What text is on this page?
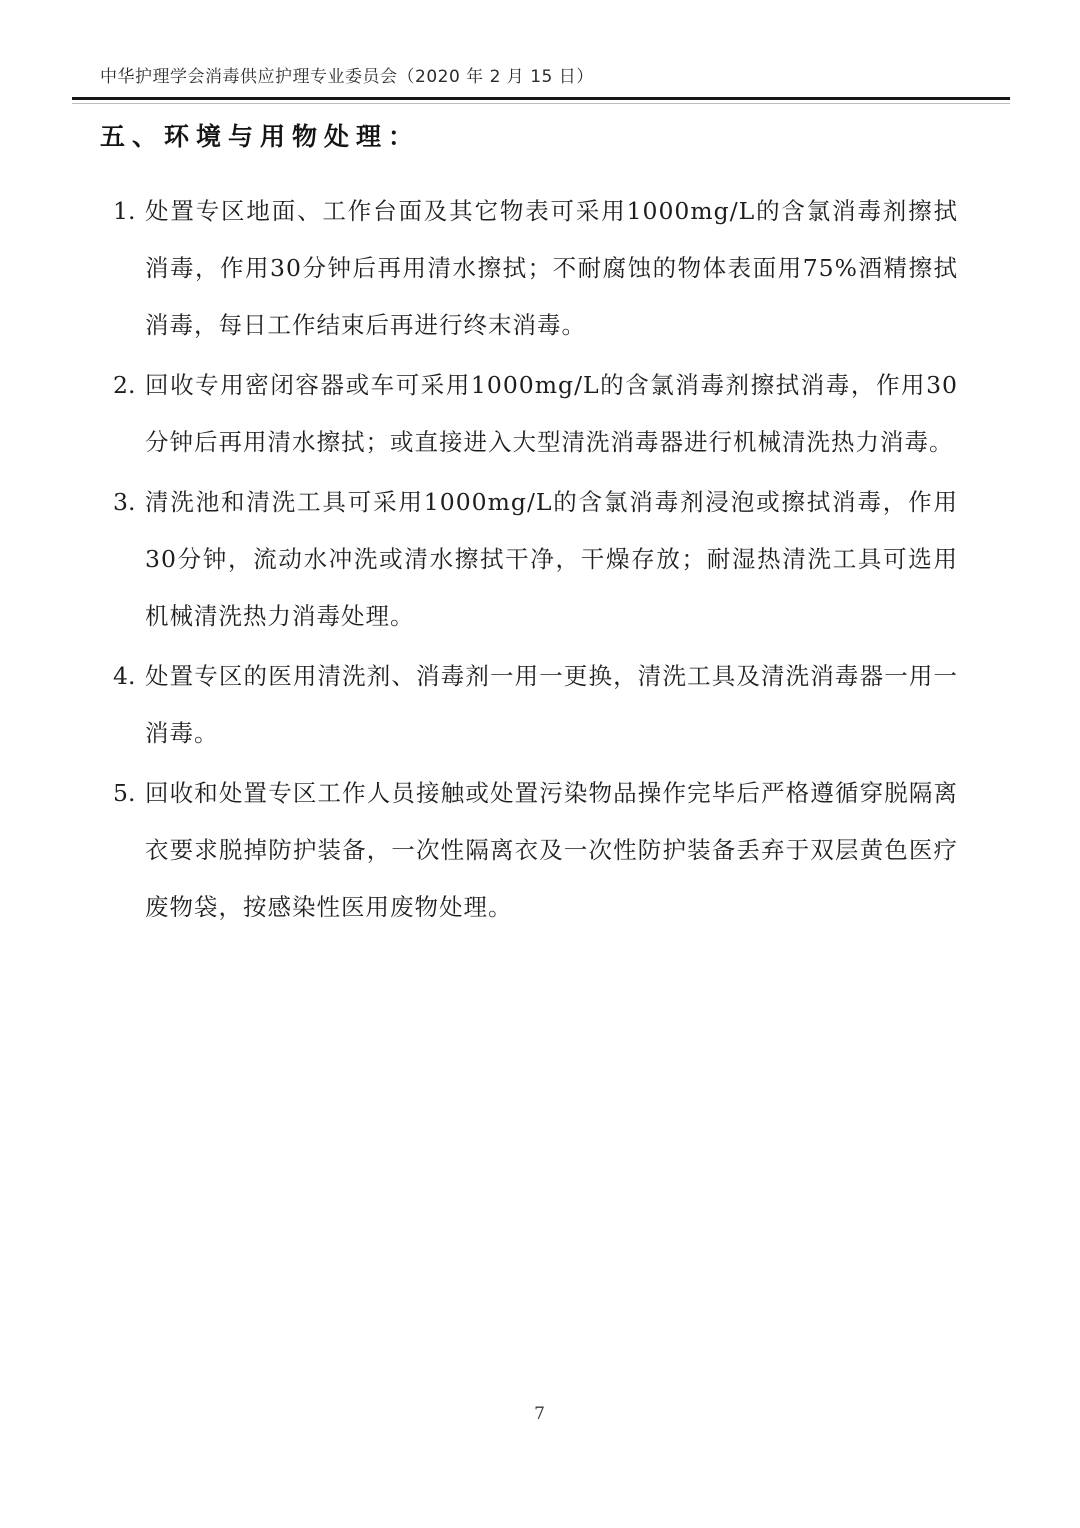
中华护理学会消毒供应护理专业委员会（2020 年 2 月 15 日）
五、环境与用物处理：
1. 处置专区地面、工作台面及其它物表可采用1000mg/L的含氯消毒剂擦拭消毒，作用30分钟后再用清水擦拭；不耐腐蚀的物体表面用75%酒精擦拭消毒，每日工作结束后再进行终末消毒。
2. 回收专用密闭容器或车可采用1000mg/L的含氯消毒剂擦拭消毒，作用30分钟后再用清水擦拭；或直接进入大型清洗消毒器进行机械清洗热力消毒。
3. 清洗池和清洗工具可采用1000mg/L的含氯消毒剂浸泡或擦拭消毒，作用30分钟，流动水冲洗或清水擦拭干净，干燥存放；耐湿热清洗工具可选用机械清洗热力消毒处理。
4. 处置专区的医用清洗剂、消毒剂一用一更换，清洗工具及清洗消毒器一用一消毒。
5. 回收和处置专区工作人员接触或处置污染物品操作完毕后严格遵循穿脱隔离衣要求脱掉防护装备，一次性隔离衣及一次性防护装备丢弃于双层黄色医疗废物袋，按感染性医用废物处理。
7
